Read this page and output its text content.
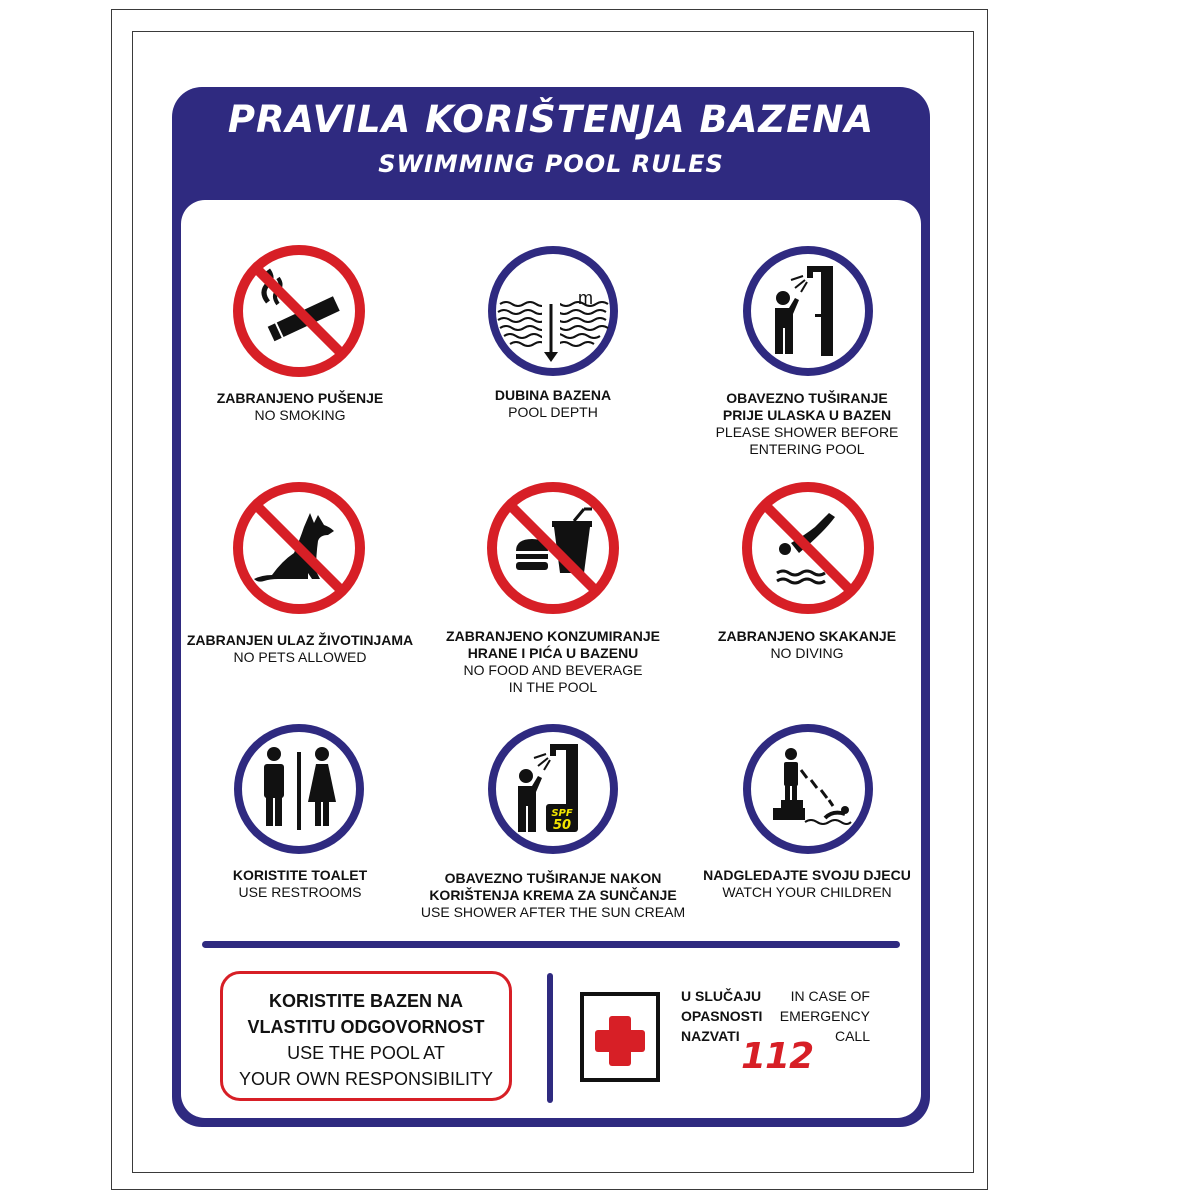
PRAVILA KORIŠTENJA BAZENA
SWIMMING POOL RULES
ZABRANJENO PUŠENJE
NO SMOKING
m
DUBINA BAZENA
POOL DEPTH
OBAVEZNO TUŠIRANJE
PRIJE ULASKA U BAZEN
PLEASE SHOWER BEFORE
ENTERING POOL
ZABRANJEN ULAZ ŽIVOTINJAMA
NO PETS ALLOWED
ZABRANJENO KONZUMIRANJE
HRANE I PIĆA U BAZENU
NO FOOD AND BEVERAGE
IN THE POOL
ZABRANJENO SKAKANJE
NO DIVING
KORISTITE TOALET
USE RESTROOMS
SPF
50
OBAVEZNO TUŠIRANJE NAKON
KORIŠTENJA KREMA ZA SUNČANJE
USE SHOWER AFTER THE SUN CREAM
NADGLEDAJTE SVOJU DJECU
WATCH YOUR CHILDREN
KORISTITE BAZEN NA
VLASTITU ODGOVORNOST
USE THE POOL AT
YOUR OWN RESPONSIBILITY
U SLUČAJU
OPASNOSTI
NAZVATI
IN CASE OF
EMERGENCY
CALL
112
